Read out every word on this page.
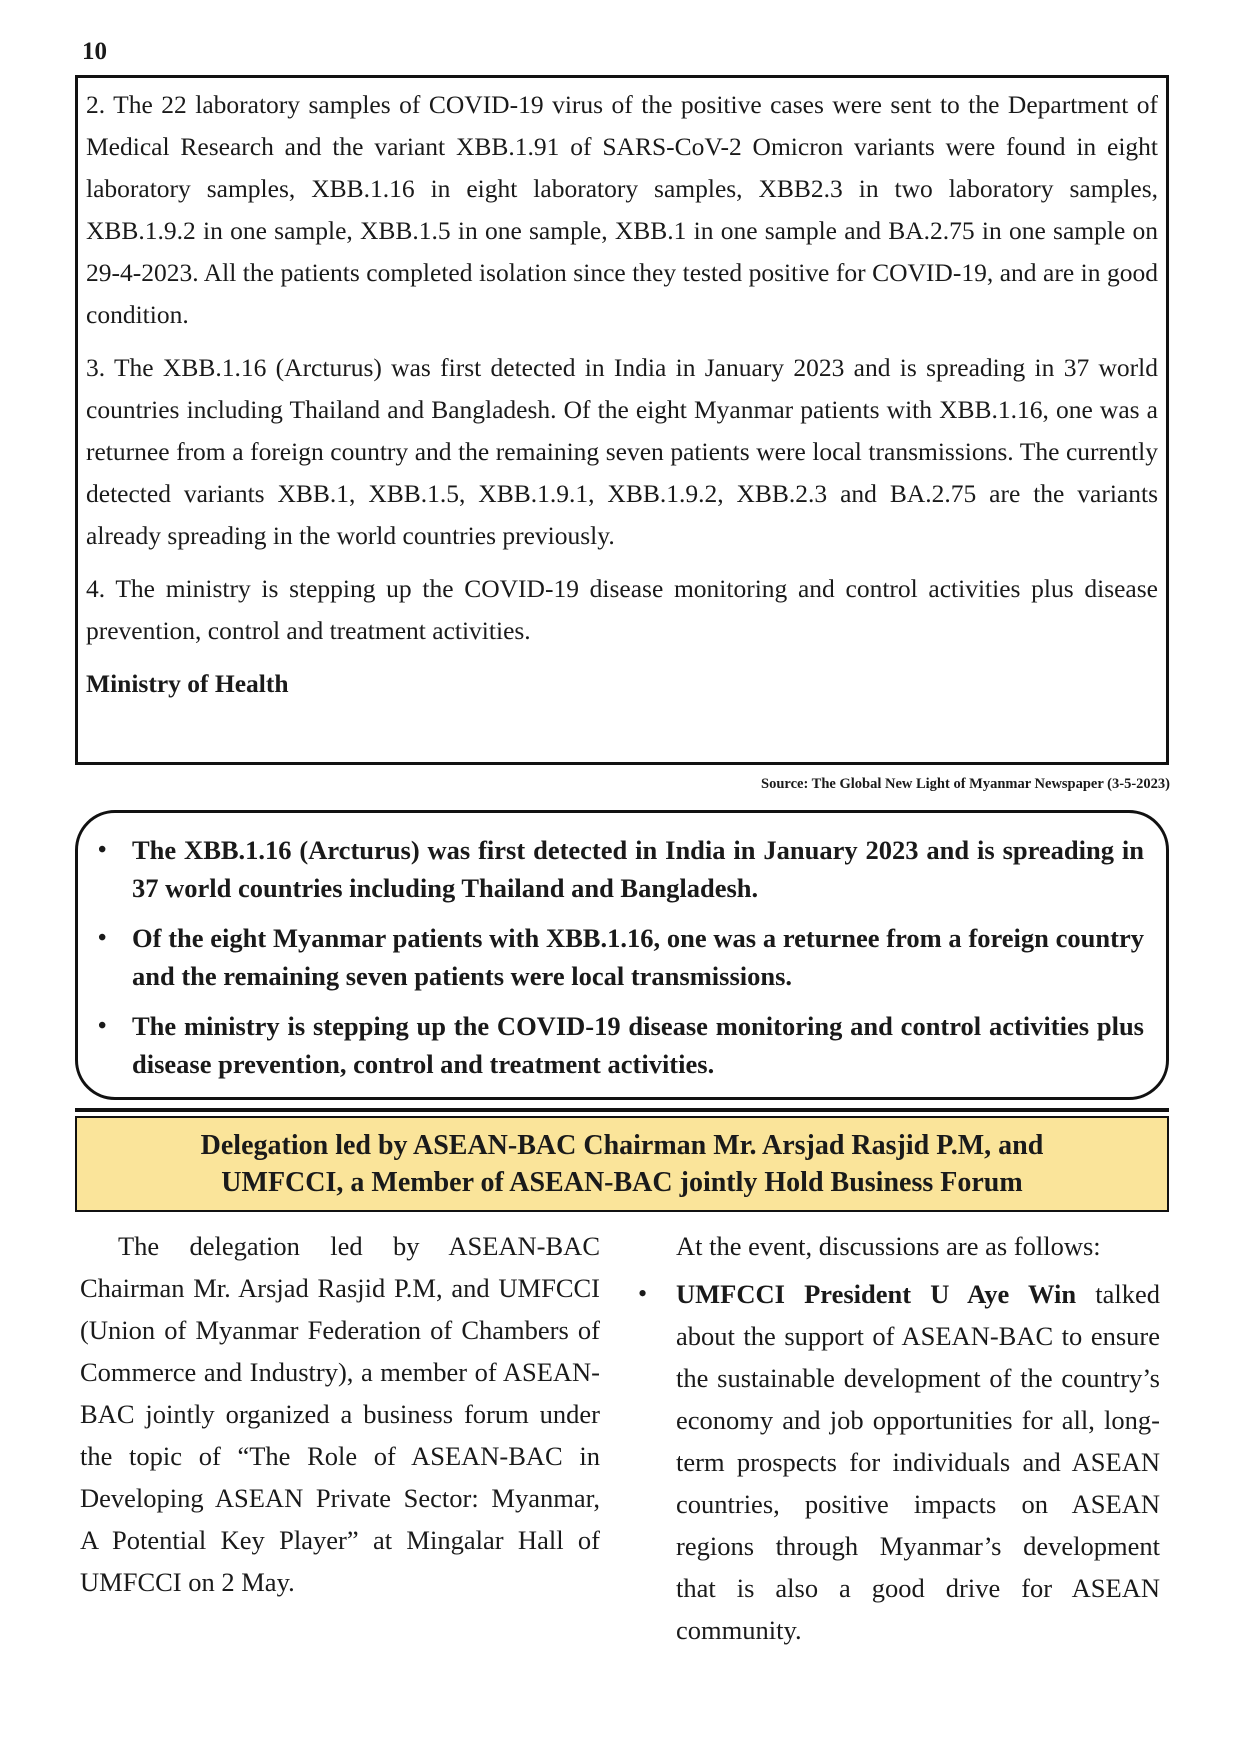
10

2. The 22 laboratory samples of COVID-19 virus of the positive cases were sent to the Department of Medical Research and the variant XBB.1.91 of SARS-CoV-2 Omicron variants were found in eight laboratory samples, XBB.1.16 in eight laboratory samples, XBB2.3 in two laboratory samples, XBB.1.9.2 in one sample, XBB.1.5 in one sample, XBB.1 in one sample and BA.2.75 in one sample on 29-4-2023. All the patients completed isolation since they tested positive for COVID-19, and are in good condition.

3. The XBB.1.16 (Arcturus) was first detected in India in January 2023 and is spreading in 37 world countries including Thailand and Bangladesh. Of the eight Myanmar patients with XBB.1.16, one was a returnee from a foreign country and the remaining seven patients were local transmissions. The currently detected variants XBB.1, XBB.1.5, XBB.1.9.1, XBB.1.9.2, XBB.2.3 and BA.2.75 are the variants already spreading in the world countries previously.

4. The ministry is stepping up the COVID-19 disease monitoring and control activities plus disease prevention, control and treatment activities.

Ministry of Health

Source: The Global New Light of Myanmar Newspaper (3-5-2023)
• The XBB.1.16 (Arcturus) was first detected in India in January 2023 and is spreading in 37 world countries including Thailand and Bangladesh.
• Of the eight Myanmar patients with XBB.1.16, one was a returnee from a foreign country and the remaining seven patients were local transmissions.
• The ministry is stepping up the COVID-19 disease monitoring and control activities plus disease prevention, control and treatment activities.
Delegation led by ASEAN-BAC Chairman Mr. Arsjad Rasjid P.M, and
UMFCCI, a Member of ASEAN-BAC jointly Hold Business Forum

The delegation led by ASEAN-BAC Chairman Mr. Arsjad Rasjid P.M, and UMFCCI (Union of Myanmar Federation of Chambers of Commerce and Industry), a member of ASEAN-BAC jointly organized a business forum under the topic of “The Role of ASEAN-BAC in Developing ASEAN Private Sector: Myanmar, A Potential Key Player” at Mingalar Hall of UMFCCI on 2 May.

At the event, discussions are as follows:

• UMFCCI President U Aye Win talked about the support of ASEAN-BAC to ensure the sustainable development of the country’s economy and job opportunities for all, long-term prospects for individuals and ASEAN countries, positive impacts on ASEAN regions through Myanmar’s development that is also a good drive for ASEAN community.
